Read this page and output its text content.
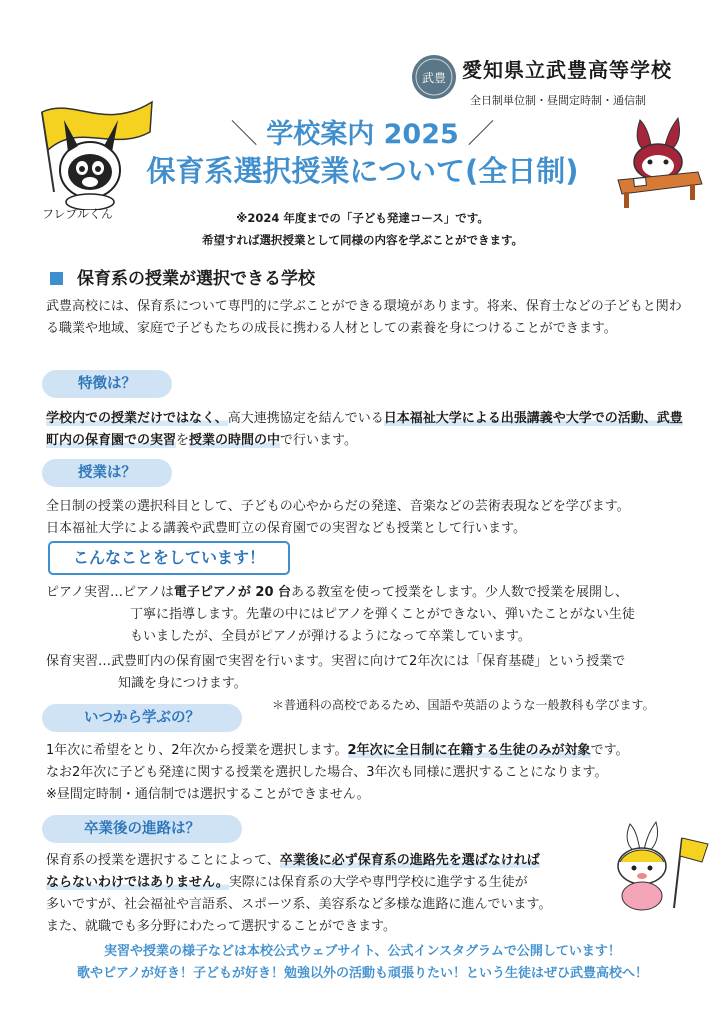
武豊 愛知県立武豊高等学校
全日制単位制・昼間定時制・通信制
フレブルくん
＼ 学校案内 2025 ／
保育系選択授業について(全日制)
※2024 年度までの「子ども発達コース」です。
希望すれば選択授業として同様の内容を学ぶことができます。
保育系の授業が選択できる学校
武豊高校には、保育系について専門的に学ぶことができる環境があります。将来、保育士などの子どもと関わる職業や地域、家庭で子どもたちの成長に携わる人材としての素養を身につけることができます。
特徴は？
学校内での授業だけではなく、高大連携協定を結んでいる日本福祉大学による出張講義や大学での活動、武豊町内の保育園での実習を授業の時間の中で行います。
授業は？
全日制の授業の選択科目として、子どもの心やからだの発達、音楽などの芸術表現などを学びます。
日本福祉大学による講義や武豊町立の保育園での実習なども授業として行います。
こんなことをしています！
ピアノ実習…ピアノは電子ピアノが 20 台ある教室を使って授業をします。少人数で授業を展開し、
丁寧に指導します。先輩の中にはピアノを弾くことができない、弾いたことがない生徒
もいましたが、全員がピアノが弾けるようになって卒業しています。
保育実習…武豊町内の保育園で実習を行います。実習に向けて2年次には「保育基礎」という授業で
知識を身につけます。
＊普通科の高校であるため、国語や英語のような一般教科も学びます。
いつから学ぶの？
1年次に希望をとり、2年次から授業を選択します。2年次に全日制に在籍する生徒のみが対象です。
なお2年次に子ども発達に関する授業を選択した場合、3年次も同様に選択することになります。
※昼間定時制・通信制では選択することができません。
卒業後の進路は？
保育系の授業を選択することによって、卒業後に必ず保育系の進路先を選ばなければ
ならないわけではありません。実際には保育系の大学や専門学校に進学する生徒が
多いですが、社会福祉や言語系、スポーツ系、美容系など多様な進路に進んでいます。
また、就職でも多分野にわたって選択することができます。
実習や授業の様子などは本校公式ウェブサイト、公式インスタグラムで公開しています！
歌やピアノが好き！子どもが好き！勉強以外の活動も頑張りたい！という生徒はぜひ武豊高校へ！
